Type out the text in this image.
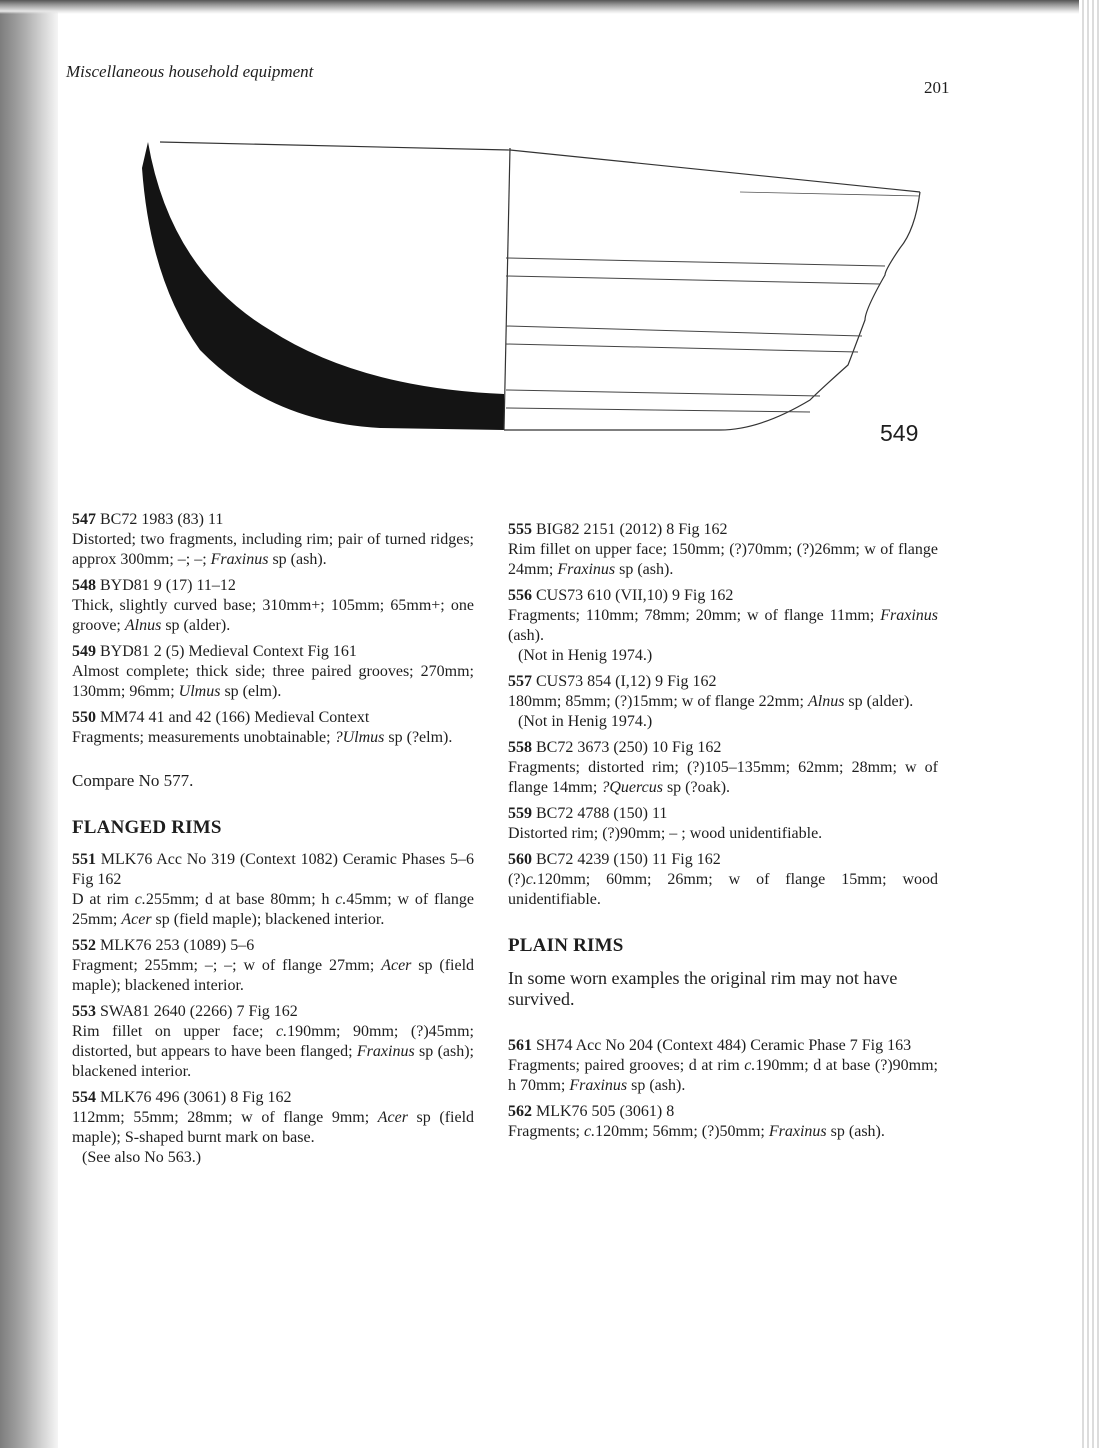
Miscellaneous household equipment
201
549
547 BC72 1983 (83) 11
Distorted; two fragments, including rim; pair of turned ridges; approx 300mm; –; –; Fraxinus sp (ash).
548 BYD81 9 (17) 11–12
Thick, slightly curved base; 310mm+; 105mm; 65mm+; one groove; Alnus sp (alder).
549 BYD81 2 (5) Medieval Context Fig 161
Almost complete; thick side; three paired grooves; 270mm; 130mm; 96mm; Ulmus sp (elm).
550 MM74 41 and 42 (166) Medieval Context
Fragments; measurements unobtainable; ?Ulmus sp (?elm).

Compare No 577.

FLANGED RIMS
551 MLK76 Acc No 319 (Context 1082) Ceramic Phases 5–6 Fig 162
D at rim c.255mm; d at base 80mm; h c.45mm; w of flange 25mm; Acer sp (field maple); blackened interior.
552 MLK76 253 (1089) 5–6
Fragment; 255mm; –; –; w of flange 27mm; Acer sp (field maple); blackened interior.
553 SWA81 2640 (2266) 7 Fig 162
Rim fillet on upper face; c.190mm; 90mm; (?)45mm; distorted, but appears to have been flanged; Fraxinus sp (ash); blackened interior.
554 MLK76 496 (3061) 8 Fig 162
112mm; 55mm; 28mm; w of flange 9mm; Acer sp (field maple); S-shaped burnt mark on base.
(See also No 563.)
555 BIG82 2151 (2012) 8 Fig 162
Rim fillet on upper face; 150mm; (?)70mm; (?)26mm; w of flange 24mm; Fraxinus sp (ash).
556 CUS73 610 (VII,10) 9 Fig 162
Fragments; 110mm; 78mm; 20mm; w of flange 11mm; Fraxinus (ash).
(Not in Henig 1974.)
557 CUS73 854 (I,12) 9 Fig 162
180mm; 85mm; (?)15mm; w of flange 22mm; Alnus sp (alder).
(Not in Henig 1974.)
558 BC72 3673 (250) 10 Fig 162
Fragments; distorted rim; (?)105–135mm; 62mm; 28mm; w of flange 14mm; ?Quercus sp (?oak).
559 BC72 4788 (150) 11
Distorted rim; (?)90mm; – ; wood unidentifiable.
560 BC72 4239 (150) 11 Fig 162
(?)c.120mm; 60mm; 26mm; w of flange 15mm; wood unidentifiable.
PLAIN RIMS
In some worn examples the original rim may not have survived.
561 SH74 Acc No 204 (Context 484) Ceramic Phase 7 Fig 163
Fragments; paired grooves; d at rim c.190mm; d at base (?)90mm; h 70mm; Fraxinus sp (ash).
562 MLK76 505 (3061) 8
Fragments; c.120mm; 56mm; (?)50mm; Fraxinus sp (ash).
